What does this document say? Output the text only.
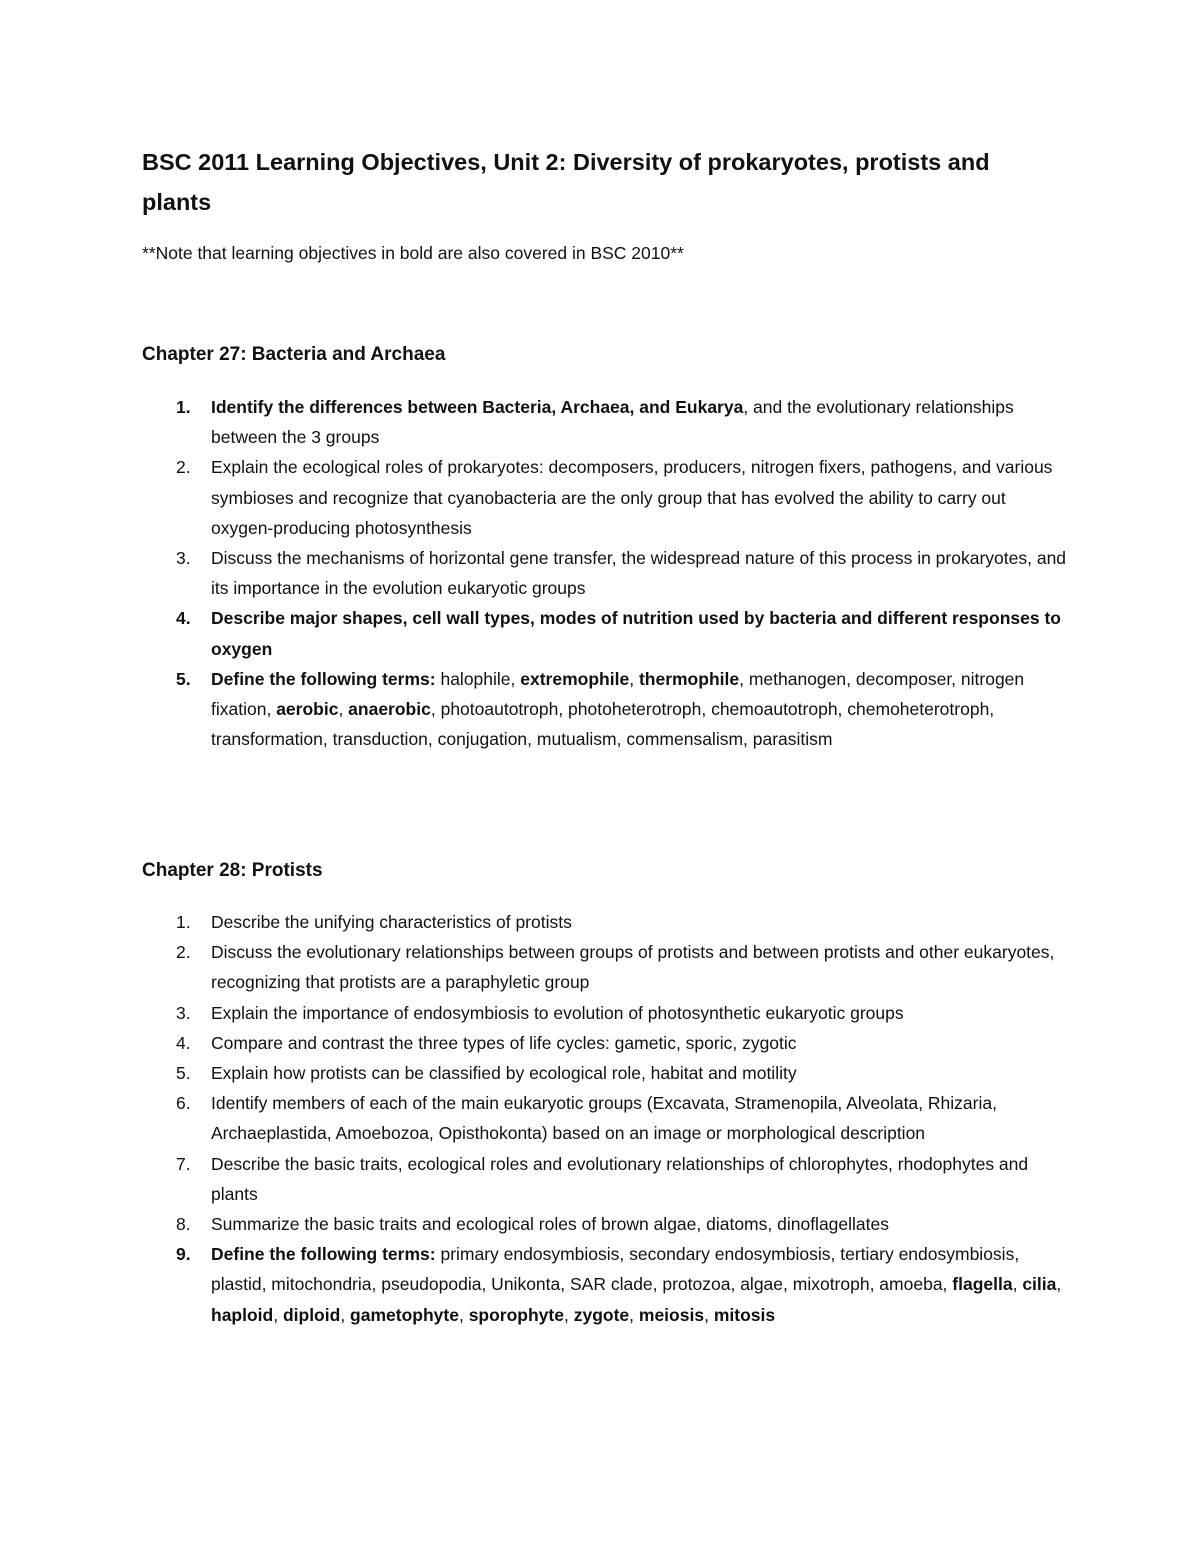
BSC 2011 Learning Objectives, Unit 2: Diversity of prokaryotes, protists and plants

**Note that learning objectives in bold are also covered in BSC 2010**

Chapter 27: Bacteria and Archaea
1.	Identify the differences between Bacteria, Archaea, and Eukarya, and the evolutionary relationships between the 3 groups
2.	Explain the ecological roles of prokaryotes: decomposers, producers, nitrogen fixers, pathogens, and various symbioses and recognize that cyanobacteria are the only group that has evolved the ability to carry out oxygen-producing photosynthesis
3.	Discuss the mechanisms of horizontal gene transfer, the widespread nature of this process in prokaryotes, and its importance in the evolution eukaryotic groups
4.	Describe major shapes, cell wall types, modes of nutrition used by bacteria and different responses to oxygen
5.	Define the following terms: halophile, extremophile, thermophile, methanogen, decomposer, nitrogen fixation, aerobic, anaerobic, photoautotroph, photoheterotroph, chemoautotroph, chemoheterotroph, transformation, transduction, conjugation, mutualism, commensalism, parasitism
Chapter 28: Protists
1.	Describe the unifying characteristics of protists
2.	Discuss the evolutionary relationships between groups of protists and between protists and other eukaryotes, recognizing that protists are a paraphyletic group
3.	Explain the importance of endosymbiosis to evolution of photosynthetic eukaryotic groups
4.	Compare and contrast the three types of life cycles: gametic, sporic, zygotic
5.	Explain how protists can be classified by ecological role, habitat and motility
6.	Identify members of each of the main eukaryotic groups (Excavata, Stramenopila, Alveolata, Rhizaria, Archaeplastida, Amoebozoa, Opisthokonta) based on an image or morphological description
7.	Describe the basic traits, ecological roles and evolutionary relationships of chlorophytes, rhodophytes and plants
8.	Summarize the basic traits and ecological roles of brown algae, diatoms, dinoflagellates
9.	Define the following terms: primary endosymbiosis, secondary endosymbiosis, tertiary endosymbiosis, plastid, mitochondria, pseudopodia, Unikonta, SAR clade, protozoa, algae, mixotroph, amoeba, flagella, cilia, haploid, diploid, gametophyte, sporophyte, zygote, meiosis, mitosis
